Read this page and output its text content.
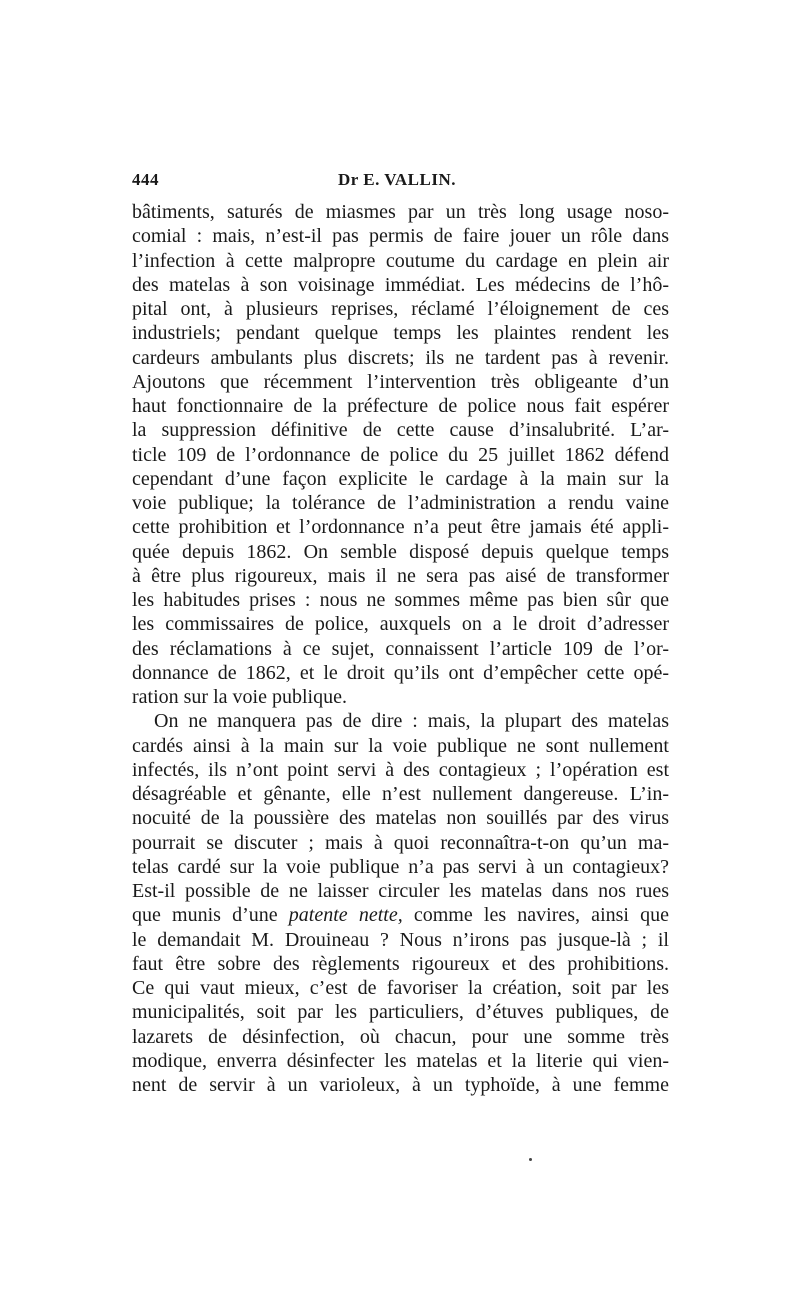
444	Dr E. VALLIN.
bâtiments, saturés de miasmes par un très long usage noso-
comial : mais, n’est-il pas permis de faire jouer un rôle dans
l’infection à cette malpropre coutume du cardage en plein air
des matelas à son voisinage immédiat. Les médecins de l’hô-
pital ont, à plusieurs reprises, réclamé l’éloignement de ces
industriels; pendant quelque temps les plaintes rendent les
cardeurs ambulants plus discrets; ils ne tardent pas à revenir.
Ajoutons que récemment l’intervention très obligeante d’un
haut fonctionnaire de la préfecture de police nous fait espérer
la suppression définitive de cette cause d’insalubrité. L’ar-
ticle 109 de l’ordonnance de police du 25 juillet 1862 défend
cependant d’une façon explicite le cardage à la main sur la
voie publique; la tolérance de l’administration a rendu vaine
cette prohibition et l’ordonnance n’a peut être jamais été appli-
quée depuis 1862. On semble disposé depuis quelque temps
à être plus rigoureux, mais il ne sera pas aisé de transformer
les habitudes prises : nous ne sommes même pas bien sûr que
les commissaires de police, auxquels on a le droit d’adresser
des réclamations à ce sujet, connaissent l’article 109 de l’or-
donnance de 1862, et le droit qu’ils ont d’empêcher cette opé-
ration sur la voie publique.
On ne manquera pas de dire : mais, la plupart des matelas
cardés ainsi à la main sur la voie publique ne sont nullement
infectés, ils n’ont point servi à des contagieux ; l’opération est
désagréable et gênante, elle n’est nullement dangereuse. L’in-
nocuité de la poussière des matelas non souillés par des virus
pourrait se discuter ; mais à quoi reconnaîtra-t-on qu’un ma-
telas cardé sur la voie publique n’a pas servi à un contagieux?
Est-il possible de ne laisser circuler les matelas dans nos rues
que munis d’une patente nette, comme les navires, ainsi que
le demandait M. Drouineau ? Nous n’irons pas jusque-là ; il
faut être sobre des règlements rigoureux et des prohibitions.
Ce qui vaut mieux, c’est de favoriser la création, soit par les
municipalités, soit par les particuliers, d’étuves publiques, de
lazarets de désinfection, où chacun, pour une somme très
modique, enverra désinfecter les matelas et la literie qui vien-
nent de servir à un varioleux, à un typhoïde, à une femme
